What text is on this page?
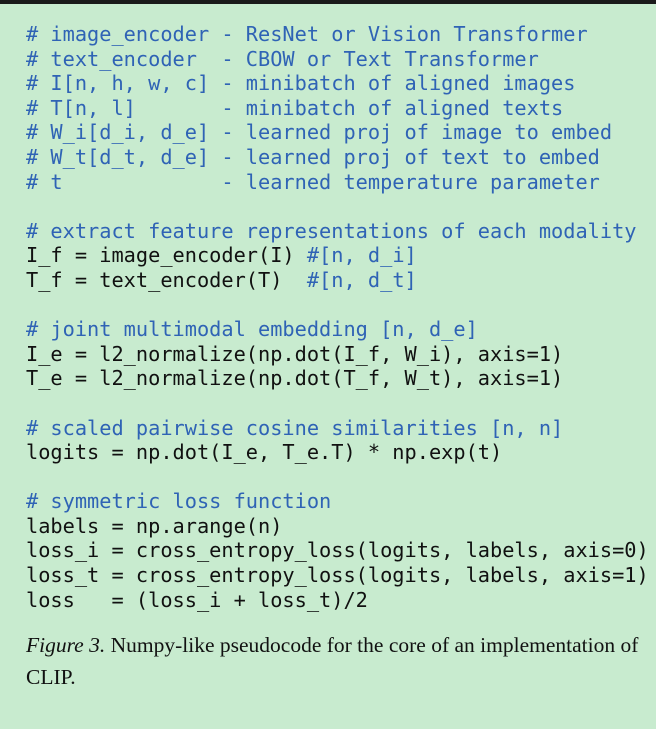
# image_encoder - ResNet or Vision Transformer
# text_encoder  - CBOW or Text Transformer
# I[n, h, w, c] - minibatch of aligned images
# T[n, l]       - minibatch of aligned texts
# W_i[d_i, d_e] - learned proj of image to embed
# W_t[d_t, d_e] - learned proj of text to embed
# t             - learned temperature parameter
# extract feature representations of each modality
I_f = image_encoder(I) #[n, d_i]
T_f = text_encoder(T)  #[n, d_t]
# joint multimodal embedding [n, d_e]
I_e = l2_normalize(np.dot(I_f, W_i), axis=1)
T_e = l2_normalize(np.dot(T_f, W_t), axis=1)
# scaled pairwise cosine similarities [n, n]
logits = np.dot(I_e, T_e.T) * np.exp(t)
# symmetric loss function
labels = np.arange(n)
loss_i = cross_entropy_loss(logits, labels, axis=0)
loss_t = cross_entropy_loss(logits, labels, axis=1)
loss   = (loss_i + loss_t)/2
Figure 3. Numpy-like pseudocode for the core of an implementation of CLIP.
